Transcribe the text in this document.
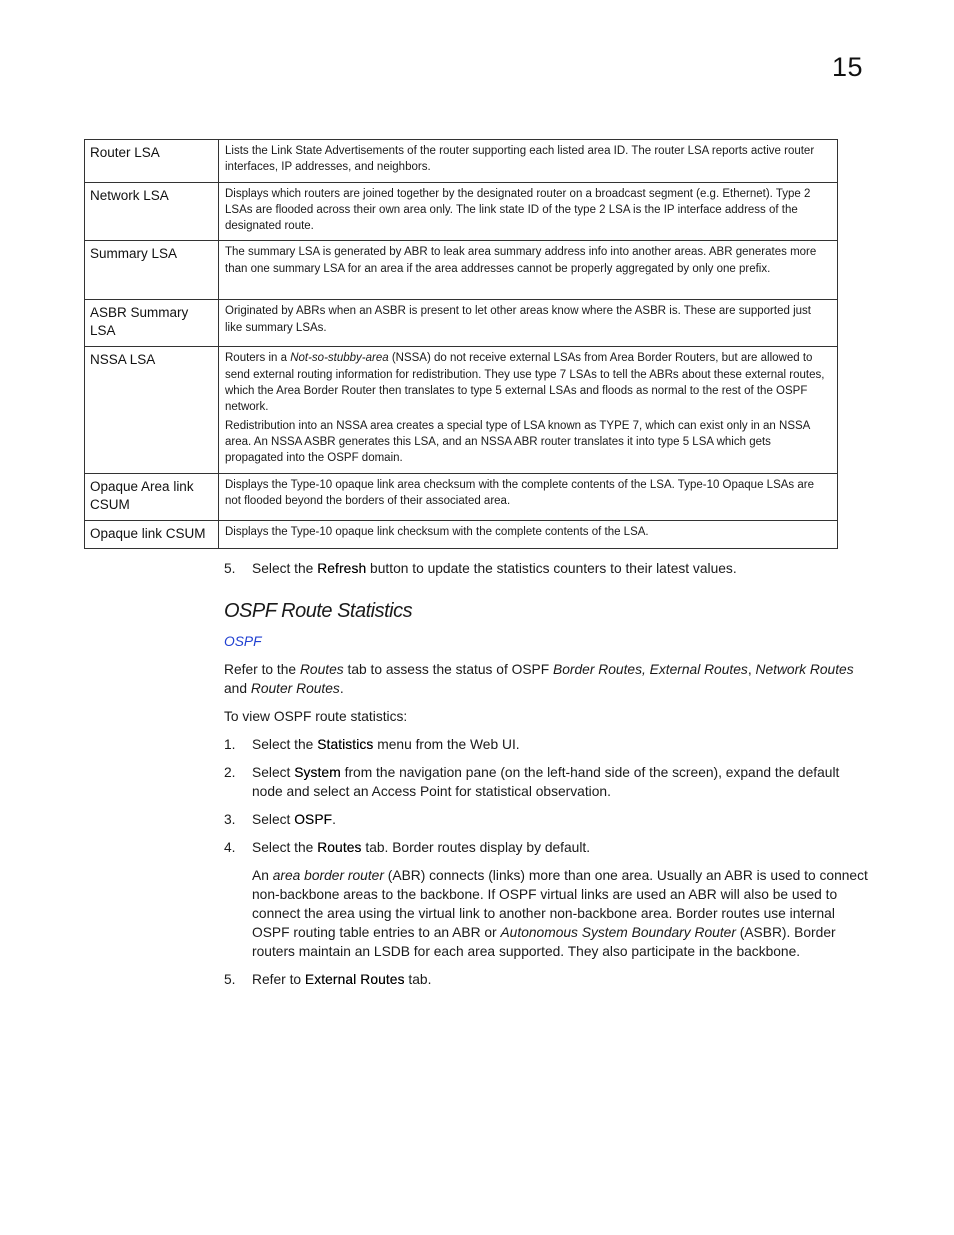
15
Router LSA	Lists the Link State Advertisements of the router supporting each listed area ID. The router LSA reports active router interfaces, IP addresses, and neighbors.

Network LSA	Displays which routers are joined together by the designated router on a broadcast segment (e.g. Ethernet). Type 2 LSAs are flooded across their own area only. The link state ID of the type 2 LSA is the IP interface address of the designated route.

Summary LSA	The summary LSA is generated by ABR to leak area summary address info into another areas. ABR generates more than one summary LSA for an area if the area addresses cannot be properly aggregated by only one prefix.

ASBR Summary LSA	Originated by ABRs when an ASBR is present to let other areas know where the ASBR is. These are supported just like summary LSAs.

NSSA LSA	Routers in a Not-so-stubby-area (NSSA) do not receive external LSAs from Area Border Routers, but are allowed to send external routing information for redistribution. They use type 7 LSAs to tell the ABRs about these external routes, which the Area Border Router then translates to type 5 external LSAs and floods as normal to the rest of the OSPF network.

Redistribution into an NSSA area creates a special type of LSA known as TYPE 7, which can exist only in an NSSA area. An NSSA ASBR generates this LSA, and an NSSA ABR router translates it into type 5 LSA which gets propagated into the OSPF domain.

Opaque Area link CSUM	Displays the Type-10 opaque link area checksum with the complete contents of the LSA. Type-10 Opaque LSAs are not flooded beyond the borders of their associated area.

Opaque link CSUM	Displays the Type-10 opaque link checksum with the complete contents of the LSA.

5. Select the Refresh button to update the statistics counters to their latest values.
OSPF Route Statistics
OSPF

Refer to the Routes tab to assess the status of OSPF Border Routes, External Routes, Network Routes and Router Routes.

To view OSPF route statistics:

1. Select the Statistics menu from the Web UI.
2. Select System from the navigation pane (on the left-hand side of the screen), expand the default node and select an Access Point for statistical observation.
3. Select OSPF.
4. Select the Routes tab. Border routes display by default.

An area border router (ABR) connects (links) more than one area. Usually an ABR is used to connect non-backbone areas to the backbone. If OSPF virtual links are used an ABR will also be used to connect the area using the virtual link to another non-backbone area. Border routes use internal OSPF routing table entries to an ABR or Autonomous System Boundary Router (ASBR). Border routers maintain an LSDB for each area supported. They also participate in the backbone.

5. Refer to External Routes tab.
